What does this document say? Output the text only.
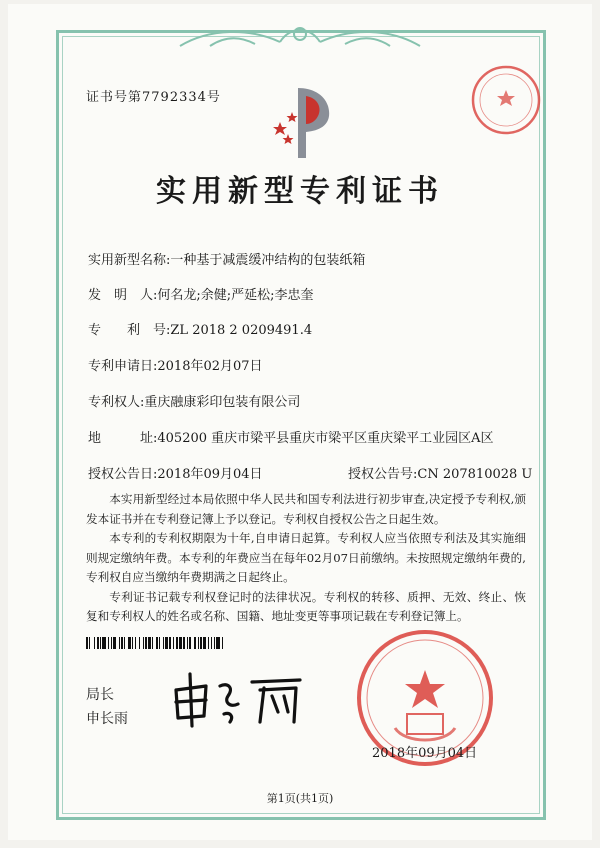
证书号第7792334号
实用新型专利证书
实用新型名称:一种基于减震缓冲结构的包装纸箱
发　明　人:何名龙;余健;严延松;李忠奎
专　　利　号:ZL 2018 2 0209491.4
专利申请日:2018年02月07日
专利权人:重庆融康彩印包装有限公司
地　　　址:405200 重庆市梁平县重庆市梁平区重庆梁平工业园区A区
授权公告日:2018年09月04日	授权公告号:CN 207810028 U

本实用新型经过本局依照中华人民共和国专利法进行初步审查,决定授予专利权,颁发本证书并在专利登记簿上予以登记。专利权自授权公告之日起生效。

本专利的专利权期限为十年,自申请日起算。专利权人应当依照专利法及其实施细则规定缴纳年费。本专利的年费应当在每年02月07日前缴纳。未按照规定缴纳年费的,专利权自应当缴纳年费期满之日起终止。

专利证书记载专利权登记时的法律状况。专利权的转移、质押、无效、终止、恢复和专利权人的姓名或名称、国籍、地址变更等事项记载在专利登记簿上。

局长
申长雨
2018年09月04日
第1页(共1页)
